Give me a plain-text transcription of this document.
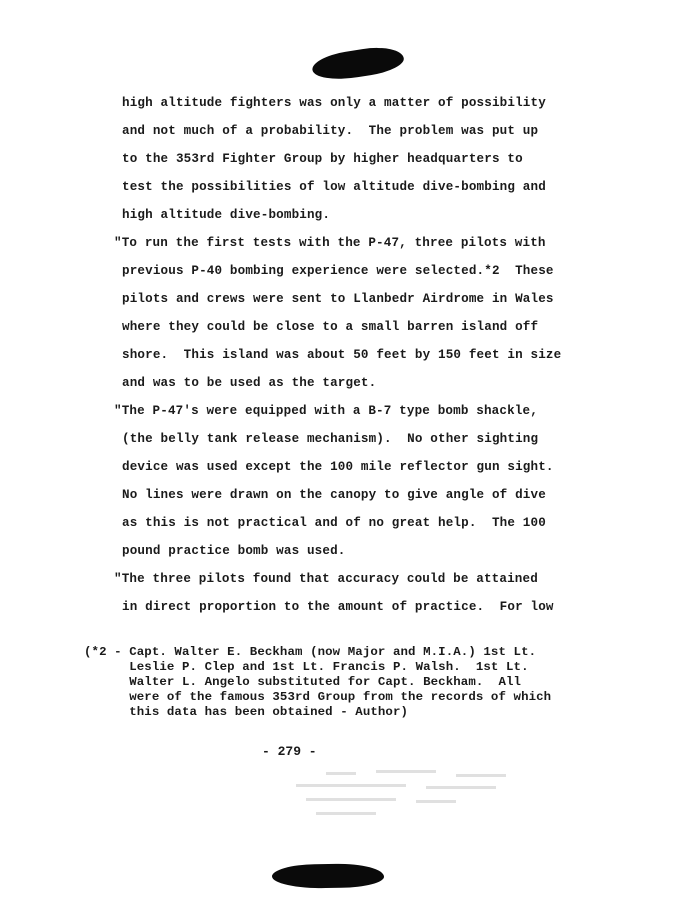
high altitude fighters was only a matter of possibility
and not much of a probability.  The problem was put up
to the 353rd Fighter Group by higher headquarters to
test the possibilities of low altitude dive-bombing and
high altitude dive-bombing.
"To run the first tests with the P-47, three pilots with
previous P-40 bombing experience were selected.*2  These
pilots and crews were sent to Llanbedr Airdrome in Wales
where they could be close to a small barren island off
shore.  This island was about 50 feet by 150 feet in size
and was to be used as the target.
"The P-47's were equipped with a B-7 type bomb shackle,
(the belly tank release mechanism).  No other sighting
device was used except the 100 mile reflector gun sight.
No lines were drawn on the canopy to give angle of dive
as this is not practical and of no great help.  The 100
pound practice bomb was used.
"The three pilots found that accuracy could be attained
in direct proportion to the amount of practice.  For low
(*2 - Capt. Walter E. Beckham (now Major and M.I.A.) 1st Lt.
Leslie P. Clep and 1st Lt. Francis P. Walsh.  1st Lt.
Walter L. Angelo substituted for Capt. Beckham.  All
were of the famous 353rd Group from the records of which
this data has been obtained - Author)
- 279 -
